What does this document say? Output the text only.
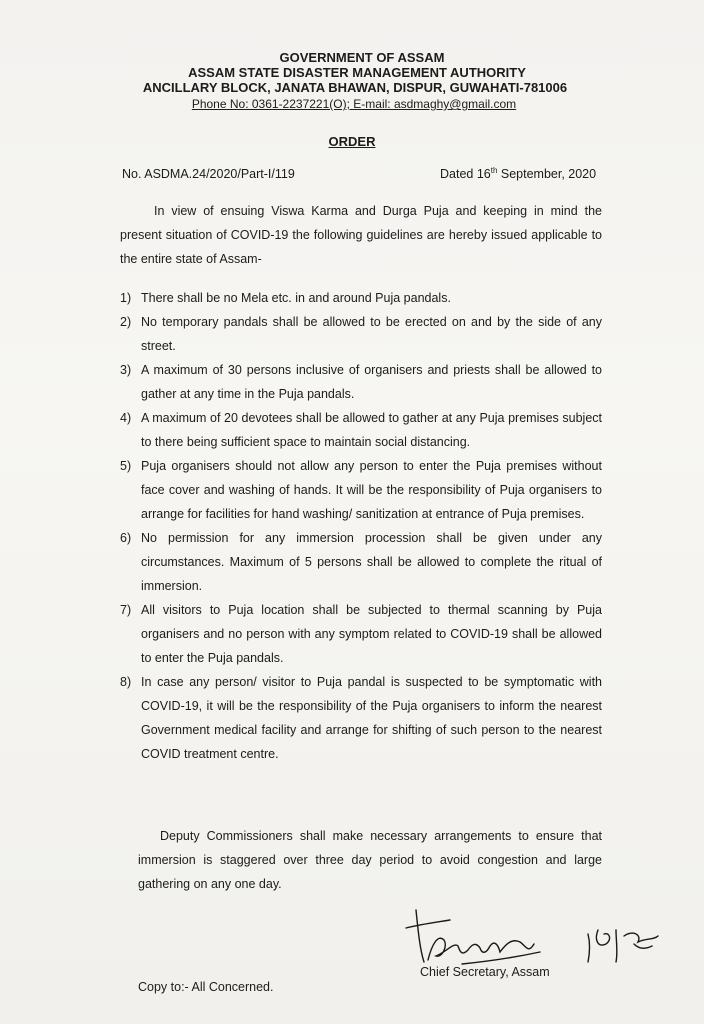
GOVERNMENT OF ASSAM
ASSAM STATE DISASTER MANAGEMENT AUTHORITY
ANCILLARY BLOCK, JANATA BHAWAN, DISPUR, GUWAHATI-781006
Phone No: 0361-2237221(O); E-mail: asdmaghy@gmail.com
ORDER
No. ASDMA.24/2020/Part-I/119	Dated 16th September, 2020
In view of ensuing Viswa Karma and Durga Puja and keeping in mind the present situation of COVID-19 the following guidelines are hereby issued applicable to the entire state of Assam-
1) There shall be no Mela etc. in and around Puja pandals.
2) No temporary pandals shall be allowed to be erected on and by the side of any street.
3) A maximum of 30 persons inclusive of organisers and priests shall be allowed to gather at any time in the Puja pandals.
4) A maximum of 20 devotees shall be allowed to gather at any Puja premises subject to there being sufficient space to maintain social distancing.
5) Puja organisers should not allow any person to enter the Puja premises without face cover and washing of hands. It will be the responsibility of Puja organisers to arrange for facilities for hand washing/ sanitization at entrance of Puja premises.
6) No permission for any immersion procession shall be given under any circumstances. Maximum of 5 persons shall be allowed to complete the ritual of immersion.
7) All visitors to Puja location shall be subjected to thermal scanning by Puja organisers and no person with any symptom related to COVID-19 shall be allowed to enter the Puja pandals.
8) In case any person/ visitor to Puja pandal is suspected to be symptomatic with COVID-19, it will be the responsibility of the Puja organisers to inform the nearest Government medical facility and arrange for shifting of such person to the nearest COVID treatment centre.
Deputy Commissioners shall make necessary arrangements to ensure that immersion is staggered over three day period to avoid congestion and large gathering on any one day.
Chief Secretary, Assam
Copy to:- All Concerned.
